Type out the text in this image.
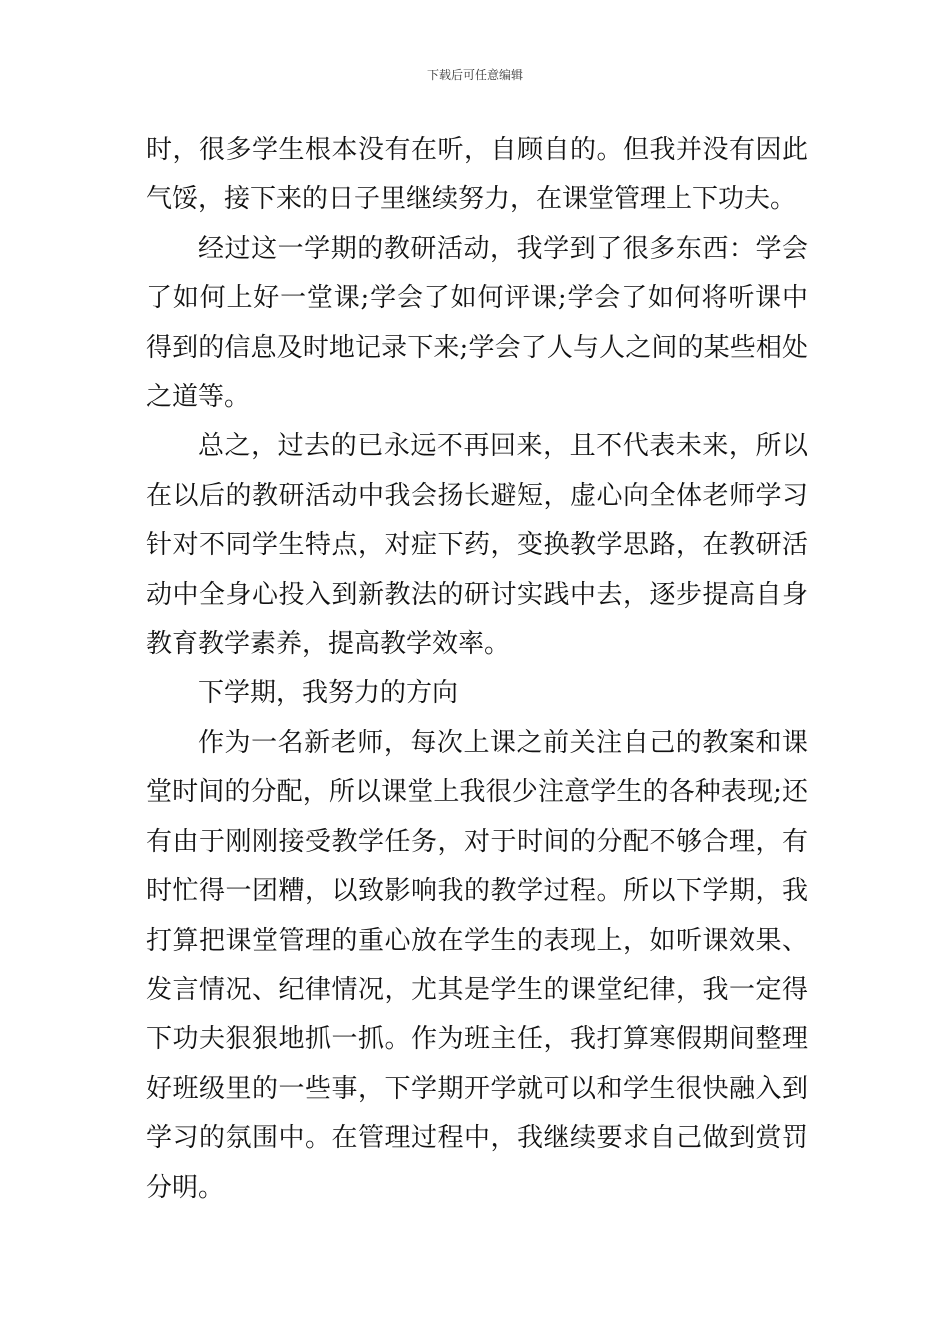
下载后可任意编辑

时，很多学生根本没有在听，自顾自的。但我并没有因此气馁，接下来的日子里继续努力，在课堂管理上下功夫。

经过这一学期的教研活动，我学到了很多东西：学会了如何上好一堂课;学会了如何评课;学会了如何将听课中得到的信息及时地记录下来;学会了人与人之间的某些相处之道等。

总之，过去的已永远不再回来，且不代表未来，所以在以后的教研活动中我会扬长避短，虚心向全体老师学习针对不同学生特点，对症下药，变换教学思路，在教研活动中全身心投入到新教法的研讨实践中去，逐步提高自身教育教学素养，提高教学效率。

下学期，我努力的方向

作为一名新老师，每次上课之前关注自己的教案和课堂时间的分配，所以课堂上我很少注意学生的各种表现;还有由于刚刚接受教学任务，对于时间的分配不够合理，有时忙得一团糟，以致影响我的教学过程。所以下学期，我打算把课堂管理的重心放在学生的表现上，如听课效果、发言情况、纪律情况，尤其是学生的课堂纪律，我一定得下功夫狠狠地抓一抓。作为班主任，我打算寒假期间整理好班级里的一些事，下学期开学就可以和学生很快融入到学习的氛围中。在管理过程中，我继续要求自己做到赏罚分明。
